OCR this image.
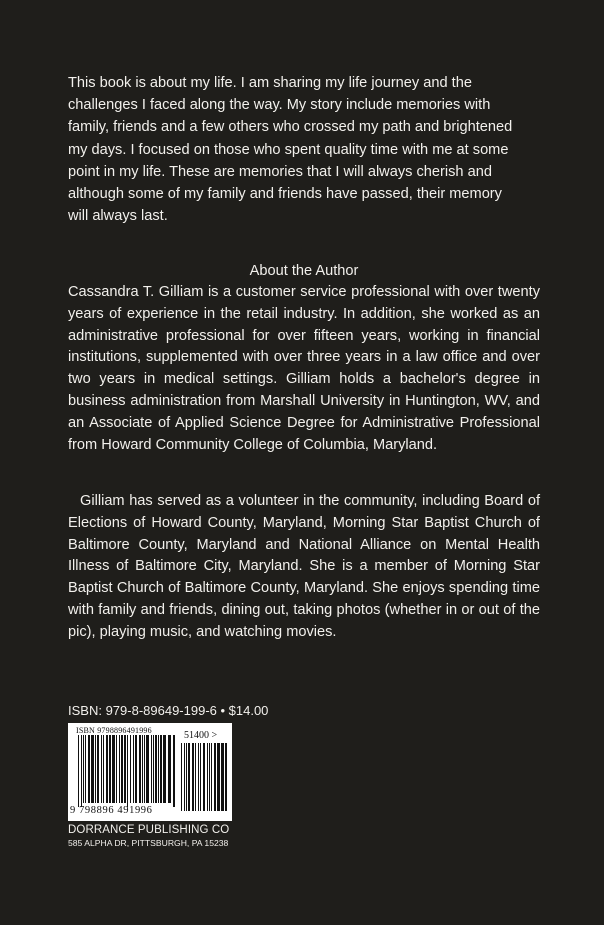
This book is about my life. I am sharing my life journey and the
challenges I faced along the way. My story include memories with
family, friends and a few others who crossed my path and brightened
my days. I focused on those who spent quality time with me at some
point in my life. These are memories that I will always cherish and
although some of my family and friends have passed, their memory
will always last.

About the Author

Cassandra T. Gilliam is a customer service professional with over twenty years of experience in the retail industry. In addition, she worked as an administrative professional for over fifteen years, working in financial institutions, supplemented with over three years in a law office and over two years in medical settings. Gilliam holds a bachelor's degree in business administration from Marshall University in Huntington, WV, and an Associate of Applied Science Degree for Administrative Professional from Howard Community College of Columbia, Maryland.

Gilliam has served as a volunteer in the community, including Board of Elections of Howard County, Maryland, Morning Star Baptist Church of Baltimore County, Maryland and National Alliance on Mental Health Illness of Baltimore City, Maryland. She is a member of Morning Star Baptist Church of Baltimore County, Maryland. She enjoys spending time with family and friends, dining out, taking photos (whether in or out of the pic), playing music, and watching movies.

ISBN: 979-8-89649-199-6 • $14.00
ISBN 9798896491996	51400 >
9 798896 491996
DORRANCE PUBLISHING CO
585 ALPHA DR, PITTSBURGH, PA 15238
